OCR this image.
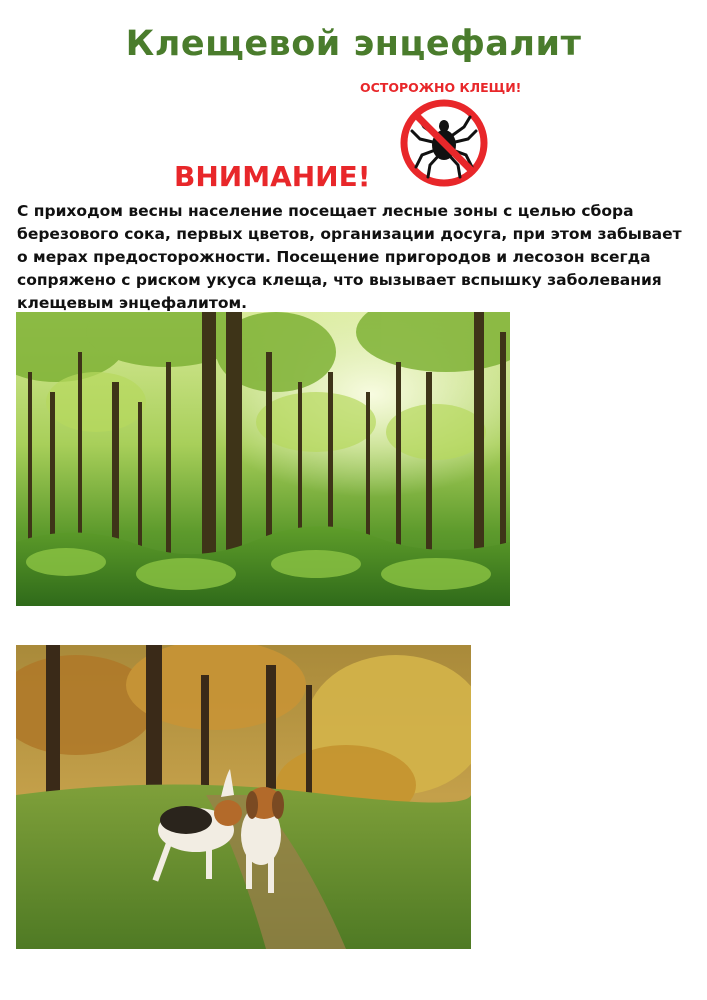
Клещевой энцефалит
ОСТОРОЖНО КЛЕЩИ!
ВНИМАНИЕ!

С приходом весны население посещает лесные зоны с целью сбора березового сока, первых цветов, организации досуга, при этом забывает о мерах предосторожности. Посещение пригородов и лесозон всегда сопряжено с риском укуса клеща, что вызывает вспышку заболевания клещевым энцефалитом.
